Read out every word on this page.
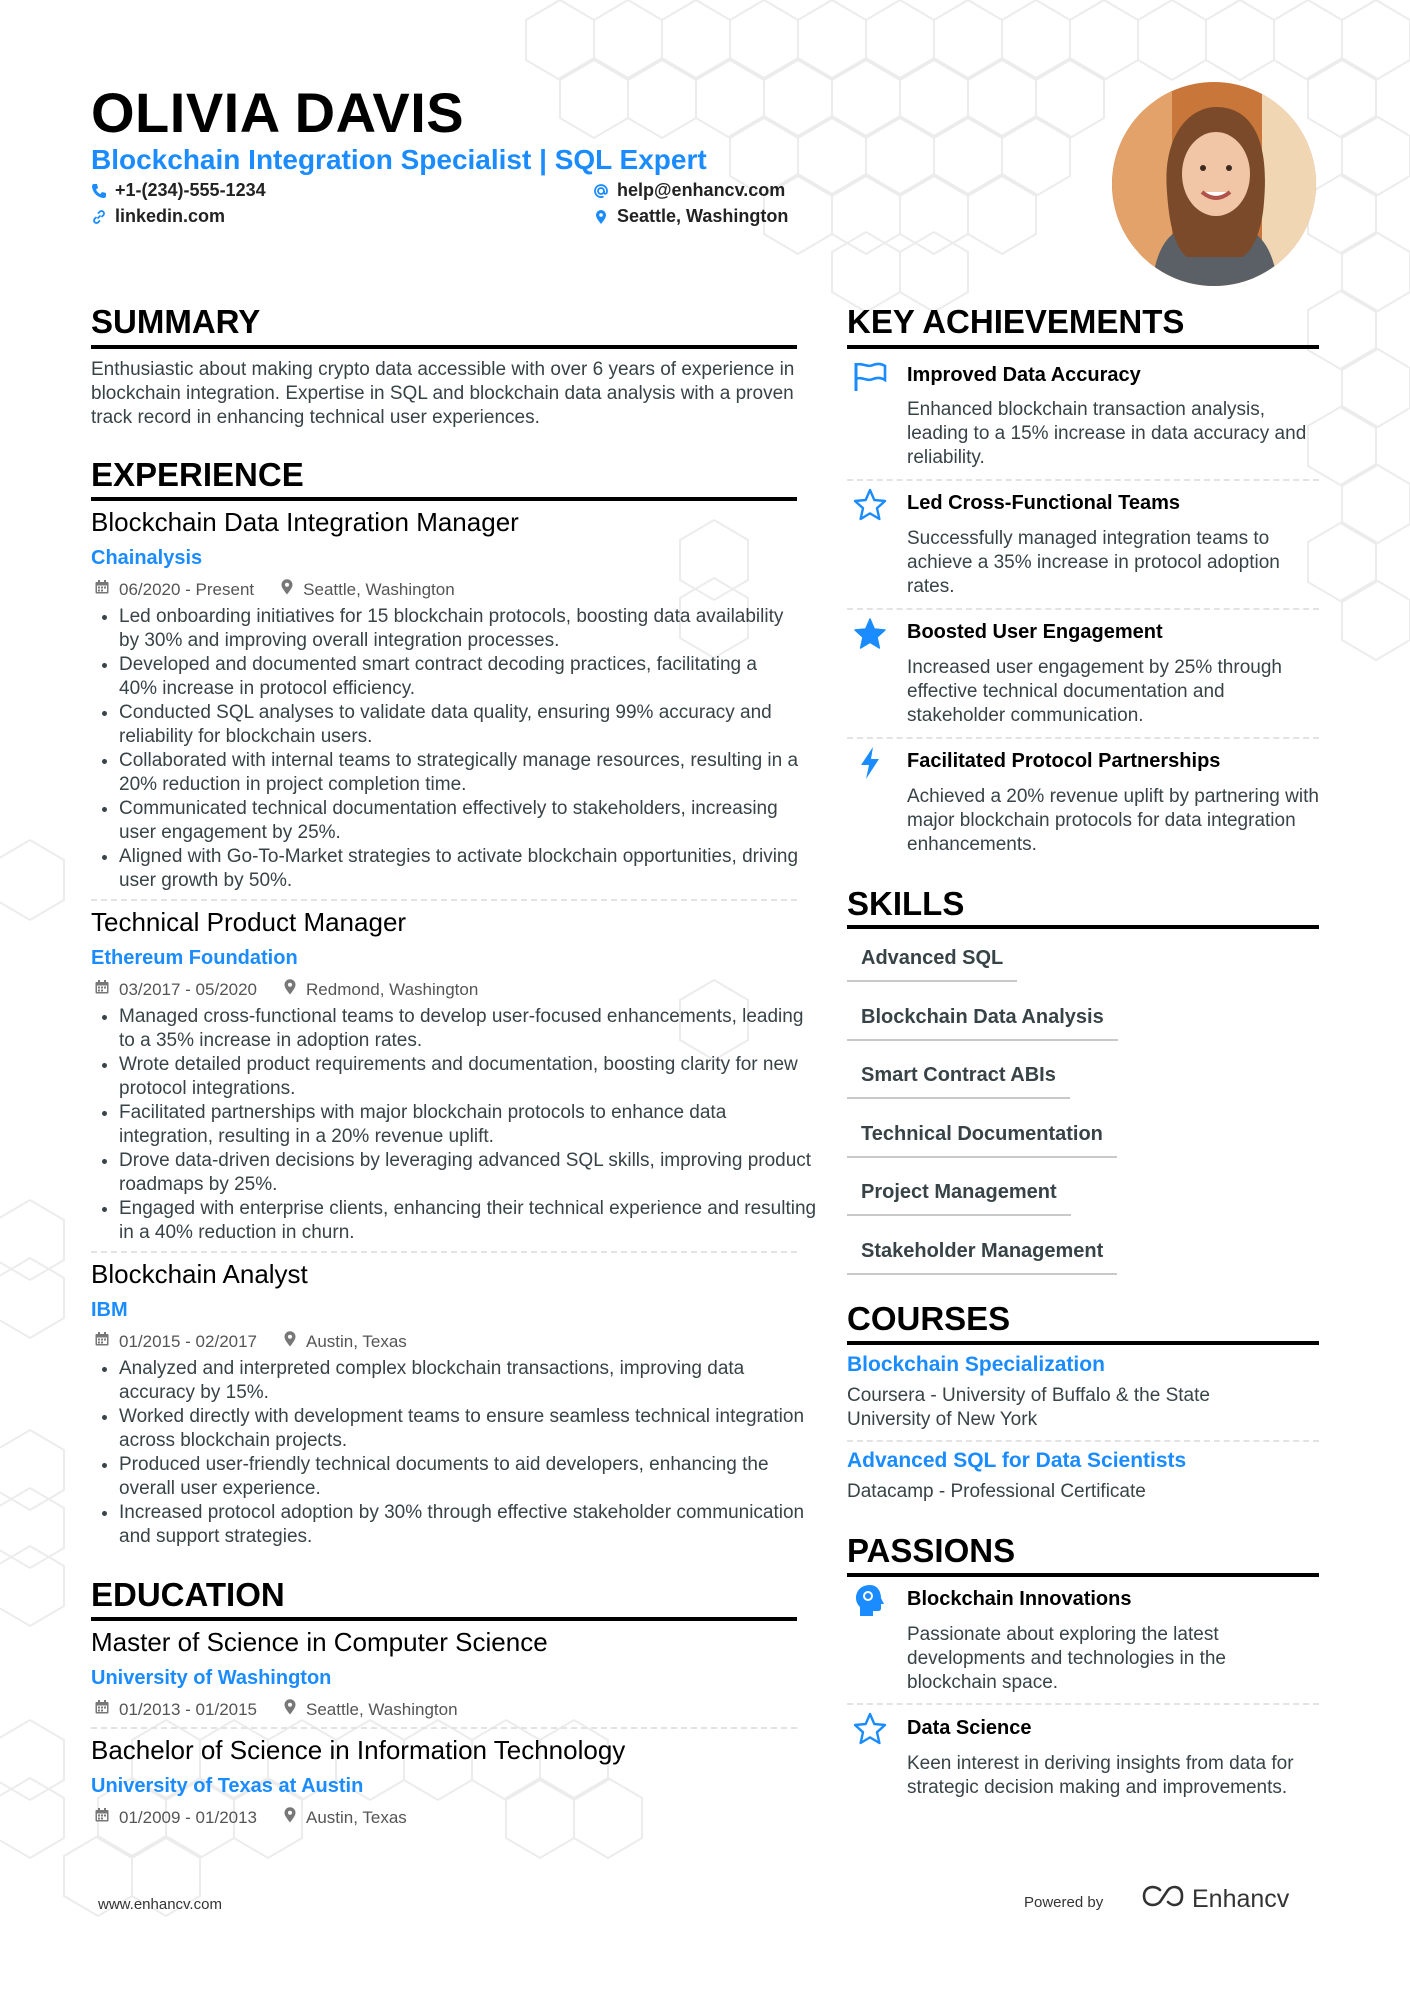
OLIVIA DAVIS
Blockchain Integration Specialist | SQL Expert
+1-(234)-555-1234	help@enhancv.com
linkedin.com	Seattle, Washington
SUMMARY
Enthusiastic about making crypto data accessible with over 6 years of experience in blockchain integration. Expertise in SQL and blockchain data analysis with a proven track record in enhancing technical user experiences.
EXPERIENCE
Blockchain Data Integration Manager
Chainalysis
06/2020 - Present	Seattle, Washington
• Led onboarding initiatives for 15 blockchain protocols, boosting data availability by 30% and improving overall integration processes.
• Developed and documented smart contract decoding practices, facilitating a 40% increase in protocol efficiency.
• Conducted SQL analyses to validate data quality, ensuring 99% accuracy and reliability for blockchain users.
• Collaborated with internal teams to strategically manage resources, resulting in a 20% reduction in project completion time.
• Communicated technical documentation effectively to stakeholders, increasing user engagement by 25%.
• Aligned with Go-To-Market strategies to activate blockchain opportunities, driving user growth by 50%.
Technical Product Manager
Ethereum Foundation
03/2017 - 05/2020	Redmond, Washington
• Managed cross-functional teams to develop user-focused enhancements, leading to a 35% increase in adoption rates.
• Wrote detailed product requirements and documentation, boosting clarity for new protocol integrations.
• Facilitated partnerships with major blockchain protocols to enhance data integration, resulting in a 20% revenue uplift.
• Drove data-driven decisions by leveraging advanced SQL skills, improving product roadmaps by 25%.
• Engaged with enterprise clients, enhancing their technical experience and resulting in a 40% reduction in churn.
Blockchain Analyst
IBM
01/2015 - 02/2017	Austin, Texas
• Analyzed and interpreted complex blockchain transactions, improving data accuracy by 15%.
• Worked directly with development teams to ensure seamless technical integration across blockchain projects.
• Produced user-friendly technical documents to aid developers, enhancing the overall user experience.
• Increased protocol adoption by 30% through effective stakeholder communication and support strategies.
EDUCATION
Master of Science in Computer Science
University of Washington
01/2013 - 01/2015	Seattle, Washington
Bachelor of Science in Information Technology
University of Texas at Austin
01/2009 - 01/2013	Austin, Texas
KEY ACHIEVEMENTS
Improved Data Accuracy
Enhanced blockchain transaction analysis, leading to a 15% increase in data accuracy and reliability.
Led Cross-Functional Teams
Successfully managed integration teams to achieve a 35% increase in protocol adoption rates.
Boosted User Engagement
Increased user engagement by 25% through effective technical documentation and stakeholder communication.
Facilitated Protocol Partnerships
Achieved a 20% revenue uplift by partnering with major blockchain protocols for data integration enhancements.
SKILLS
Advanced SQL
Blockchain Data Analysis
Smart Contract ABIs
Technical Documentation
Project Management
Stakeholder Management
COURSES
Blockchain Specialization
Coursera - University of Buffalo & the State University of New York
Advanced SQL for Data Scientists
Datacamp - Professional Certificate
PASSIONS
Blockchain Innovations
Passionate about exploring the latest developments and technologies in the blockchain space.
Data Science
Keen interest in deriving insights from data for strategic decision making and improvements.
www.enhancv.com	Powered by	Enhancv
